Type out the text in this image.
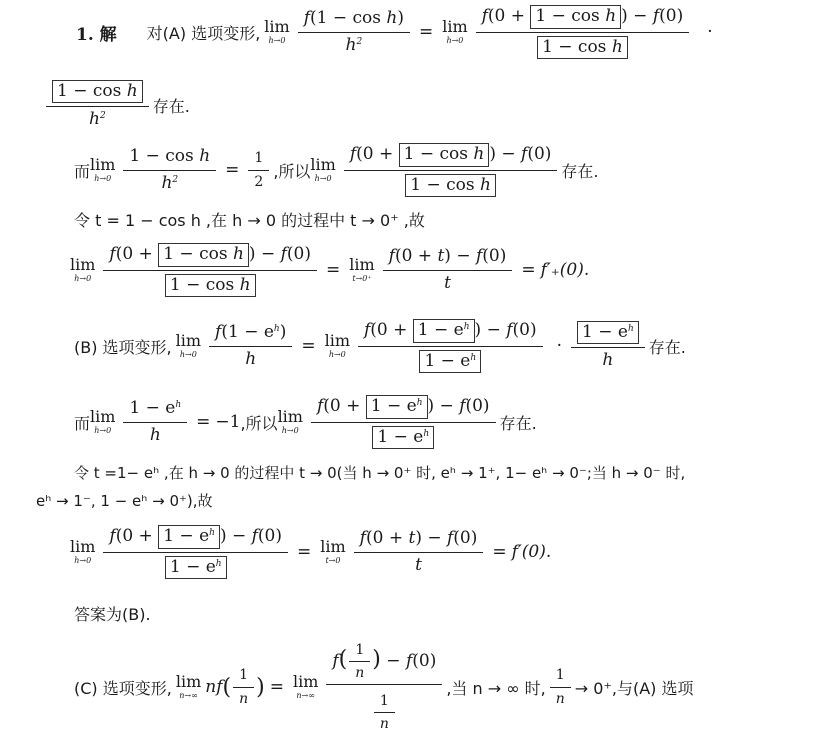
1. 解 对(A) 选项变形, lim
$h\to 0 \frac{\text{f(1 − cos h)}}{h^2} = \lim$
$h\to 0 \frac{\text{f(0 + 1 − cos h ) − f(0)}}{\text{1 − cos h}}$ ·
$\frac{\text{1 − cos h}}{h^2}$ 存在.
而 lim
$h\to 0 \frac{\text{1 − cos h}}{h^2} = \frac{1}{2}$ ,所以 lim
$h\to 0 \frac{\text{f(0 + 1 − cos h ) − f(0)}}{\text{1 − cos h}}$ 存在.
令 t = 1 − cos h ,在 h → 0 的过程中 t → 0⁺ ,故
lim
$h\to 0 \frac{\text{f(0 + 1 − cos h ) − f(0)}}{\text{1 − cos h}} = \lim$
$t\to 0^+ \frac{f(0 + t) - f(0)}{t} = f'_+(0)$.
(B) 选项变形, lim
$h\to 0 \frac{f(1 - e^h)}{h} = \lim$
$h\to 0 \frac{f(0 + 1 - e^h ) - f(0)}{1 - e^h} \cdot \frac{1 - e^h}{h}$ 存在.
而 lim
$h\to 0 \frac{1 - e^h}{h} = -1$ ,所以 lim
$h\to 0 \frac{f(0 + 1 - e^h ) - f(0)}{1 - e^h}$ 存在.
令 t =1− eʰ ,在 h → 0 的过程中 t → 0(当 h → 0⁺ 时, eʰ → 1⁺, 1− eʰ → 0⁻;当 h → 0⁻ 时,
eʰ → 1⁻, 1 − eʰ → 0⁺),故
lim
$h\to 0 \frac{f(0 + 1 - e^h ) - f(0)}{1 - e^h} = \lim$
$t\to 0 \frac{f(0 + t) - f(0)}{t} = f'(0)$.
答案为(B).
(C) 选项变形, lim
n→∞ nf ( $\frac{1}{n}$ ) = lim
$n\to\infty \frac{f( \frac{1}{n} ) - f(0)}{\frac{1}{n}}$ ,当 n → ∞ 时, $\frac{1}{n} \to 0^+$,与(A) 选项
